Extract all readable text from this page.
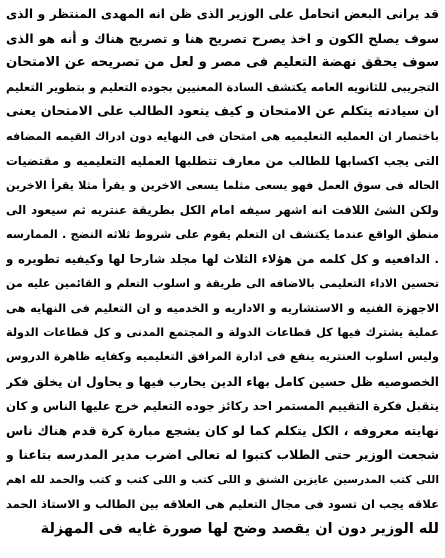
قد يرانى البعض اتحامل على الوزير الذى ظن انه المهدى المنتظر و الذى
سوف يصلح الكون و اخذ يصرح تصريح هنا و تصريح هناك و أنه هو الذى
سوف يحقق نهضة التعليم فى مصر و لعل من تصريحه عن الامتحان
التجريبى للثانويه العامه يكتشف السادة المعنيين بجوده التعليم و بتطوير التعليم
ان سيادته يتكلم عن الامتحان و كيف يتعود الطالب على الامتحان يعنى
باختصار ان العمليه التعليميه هى امتحان فى النهايه دون ادراك القيمه المضافه
التى يجب اكسابها للطالب من معارف تتطلبها العمليه التعليميه و مقتضيات
الحاله فى سوق العمل فهو يسعى مثلما يسعى الاخرين و يقرأ مثلا يقرأ الاخرين
ولكن الشئ اللافت انه اشهر سيفه امام الكل بطريقة عنتريه ثم سيعود الى
منطق الواقع عندما يكتشف ان التعلم يقوم على شروط ثلاثه النضج . الممارسه
. الدافعيه و كل كلمه من هؤلاء الثلاث لها مجلد شارحا لها وكيفيه تطويره و
تحسين الاداء التعليمى بالاضافه الى طريقة و اسلوب التعلم و القائمين عليه من
الاجهزة الفنيه و الاستشاريه و الاداريه و الخدميه و ان التعليم فى النهايه هى
عملية يشترك فيها كل قطاعات الدولة و المجتمع المدنى و كل قطاعات الدولة
وليس اسلوب العنتريه ينفع فى ادارة المرافق التعليميه وكفايه ظاهرة الدروس
الخصوصيه ظل حسين كامل بهاء الدين يحارب فيها و يحاول ان يخلق فكر
يتقبل فكرة التقييم المستمر احد ركائز جوده التعليم خرج عليها الناس و كان
نهايته معروفه ، الكل يتكلم كما لو كان يشجع مبارة كرة قدم هناك ناس
شجعت الوزير حتى الطلاب كتبوا له تعالى اضرب مدير المدرسه بتاعنا و
اللى كتب المدرسين عايزين الشنق و اللى كتب و اللى كتب و كتب والحمد لله اهم
علاقه يجب ان تسود فى مجال التعليم هى العلاقه بين الطالب و الاستاذ الحمد
لله الوزير دون ان يقصد وضح لها صورة غايه فى المهزلة
